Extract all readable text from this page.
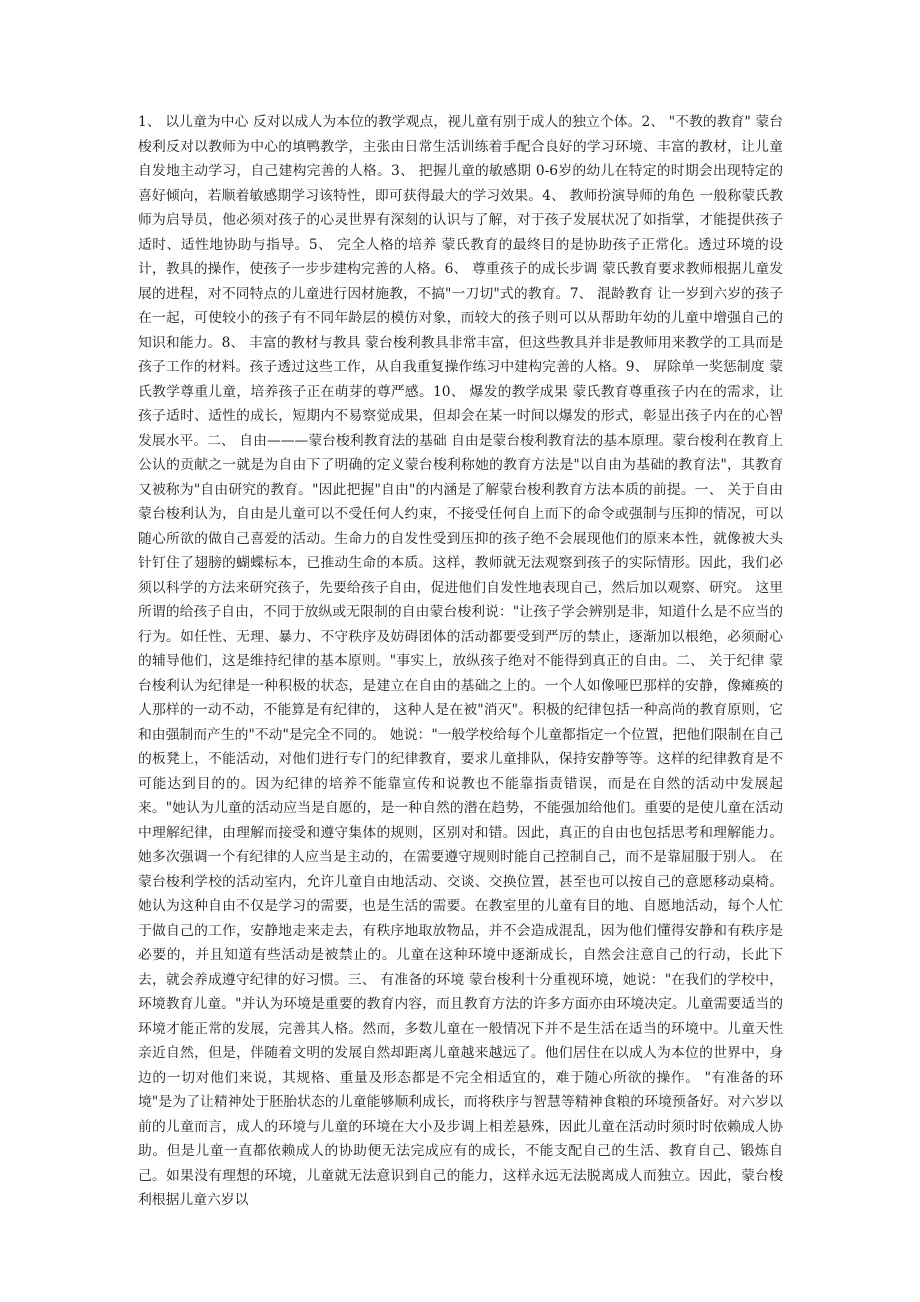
1、 以儿童为中心 反对以成人为本位的教学观点，视儿童有别于成人的独立个体。2、 "不教的教育" 蒙台梭利反对以教师为中心的填鸭教学，主张由日常生活训练着手配合良好的学习环境、丰富的教材，让儿童自发地主动学习，自己建构完善的人格。3、 把握儿童的敏感期 0-6岁的幼儿在特定的时期会出现特定的喜好倾向，若顺着敏感期学习该特性，即可获得最大的学习效果。4、 教师扮演导师的角色 一般称蒙氏教师为启导员，他必须对孩子的心灵世界有深刻的认识与了解，对于孩子发展状况了如指掌，才能提供孩子适时、适性地协助与指导。5、 完全人格的培养 蒙氏教育的最终目的是协助孩子正常化。透过环境的设计，教具的操作，使孩子一步步建构完善的人格。6、 尊重孩子的成长步调 蒙氏教育要求教师根据儿童发展的进程，对不同特点的儿童进行因材施教，不搞"一刀切"式的教育。7、 混龄教育 让一岁到六岁的孩子在一起，可使较小的孩子有不同年龄层的模仿对象，而较大的孩子则可以从帮助年幼的儿童中增强自己的知识和能力。8、 丰富的教材与教具 蒙台梭利教具非常丰富，但这些教具并非是教师用来教学的工具而是孩子工作的材料。孩子透过这些工作，从自我重复操作练习中建构完善的人格。9、 屏除单一奖惩制度 蒙氏教学尊重儿童，培养孩子正在萌芽的尊严感。10、 爆发的教学成果 蒙氏教育尊重孩子内在的需求，让孩子适时、适性的成长，短期内不易察觉成果，但却会在某一时间以爆发的形式，彰显出孩子内在的心智发展水平。二、 自由———蒙台梭利教育法的基础 自由是蒙台梭利教育法的基本原理。蒙台梭利在教育上公认的贡献之一就是为自由下了明确的定义蒙台梭利称她的教育方法是"以自由为基础的教育法"，其教育又被称为"自由研究的教育。"因此把握"自由"的内涵是了解蒙台梭利教育方法本质的前提。一、 关于自由 蒙台梭利认为，自由是儿童可以不受任何人约束，不接受任何自上而下的命令或强制与压抑的情况，可以随心所欲的做自己喜爱的活动。生命力的自发性受到压抑的孩子绝不会展现他们的原来本性，就像被大头针钉住了翅膀的蝴蝶标本，已推动生命的本质。这样，教师就无法观察到孩子的实际情形。因此，我们必须以科学的方法来研究孩子，先要给孩子自由，促进他们自发性地表现自己，然后加以观察、研究。 这里所谓的给孩子自由，不同于放纵或无限制的自由蒙台梭利说："让孩子学会辨别是非，知道什么是不应当的行为。如任性、无理、暴力、不守秩序及妨碍团体的活动都要受到严厉的禁止，逐渐加以根绝，必须耐心的辅导他们，这是维持纪律的基本原则。"事实上，放纵孩子绝对不能得到真正的自由。二、 关于纪律 蒙台梭利认为纪律是一种积极的状态，是建立在自由的基础之上的。一个人如像哑巴那样的安静，像瘫痪的人那样的一动不动，不能算是有纪律的， 这种人是在被"消灭"。积极的纪律包括一种高尚的教育原则，它和由强制而产生的"不动"是完全不同的。 她说："一般学校给每个儿童都指定一个位置，把他们限制在自己的板凳上，不能活动，对他们进行专门的纪律教育，要求儿童排队，保持安静等等。这样的纪律教育是不可能达到目的的。因为纪律的培养不能靠宣传和说教也不能靠指责错误，而是在自然的活动中发展起来。"她认为儿童的活动应当是自愿的，是一种自然的潜在趋势，不能强加给他们。重要的是使儿童在活动中理解纪律，由理解而接受和遵守集体的规则，区别对和错。因此，真正的自由也包括思考和理解能力。她多次强调一个有纪律的人应当是主动的，在需要遵守规则时能自己控制自己，而不是靠屈服于别人。 在蒙台梭利学校的活动室内，允许儿童自由地活动、交谈、交换位置，甚至也可以按自己的意愿移动桌椅。她认为这种自由不仅是学习的需要，也是生活的需要。在教室里的儿童有目的地、自愿地活动，每个人忙于做自己的工作，安静地走来走去，有秩序地取放物品，并不会造成混乱，因为他们懂得安静和有秩序是必要的，并且知道有些活动是被禁止的。儿童在这种环境中逐渐成长，自然会注意自己的行动，长此下去，就会养成遵守纪律的好习惯。三、 有准备的环境 蒙台梭利十分重视环境，她说："在我们的学校中，环境教育儿童。"并认为环境是重要的教育内容，而且教育方法的许多方面亦由环境决定。儿童需要适当的环境才能正常的发展，完善其人格。然而，多数儿童在一般情况下并不是生活在适当的环境中。儿童天性亲近自然，但是，伴随着文明的发展自然却距离儿童越来越远了。他们居住在以成人为本位的世界中，身边的一切对他们来说，其规格、重量及形态都是不完全相适宜的，难于随心所欲的操作。 "有准备的环境"是为了让精神处于胚胎状态的儿童能够顺利成长，而将秩序与智慧等精神食粮的环境预备好。对六岁以前的儿童而言，成人的环境与儿童的环境在大小及步调上相差悬殊，因此儿童在活动时须时时依赖成人协助。但是儿童一直都依赖成人的协助便无法完成应有的成长，不能支配自己的生活、教育自己、锻炼自己。如果没有理想的环境，儿童就无法意识到自己的能力，这样永远无法脱离成人而独立。因此，蒙台梭利根据儿童六岁以
